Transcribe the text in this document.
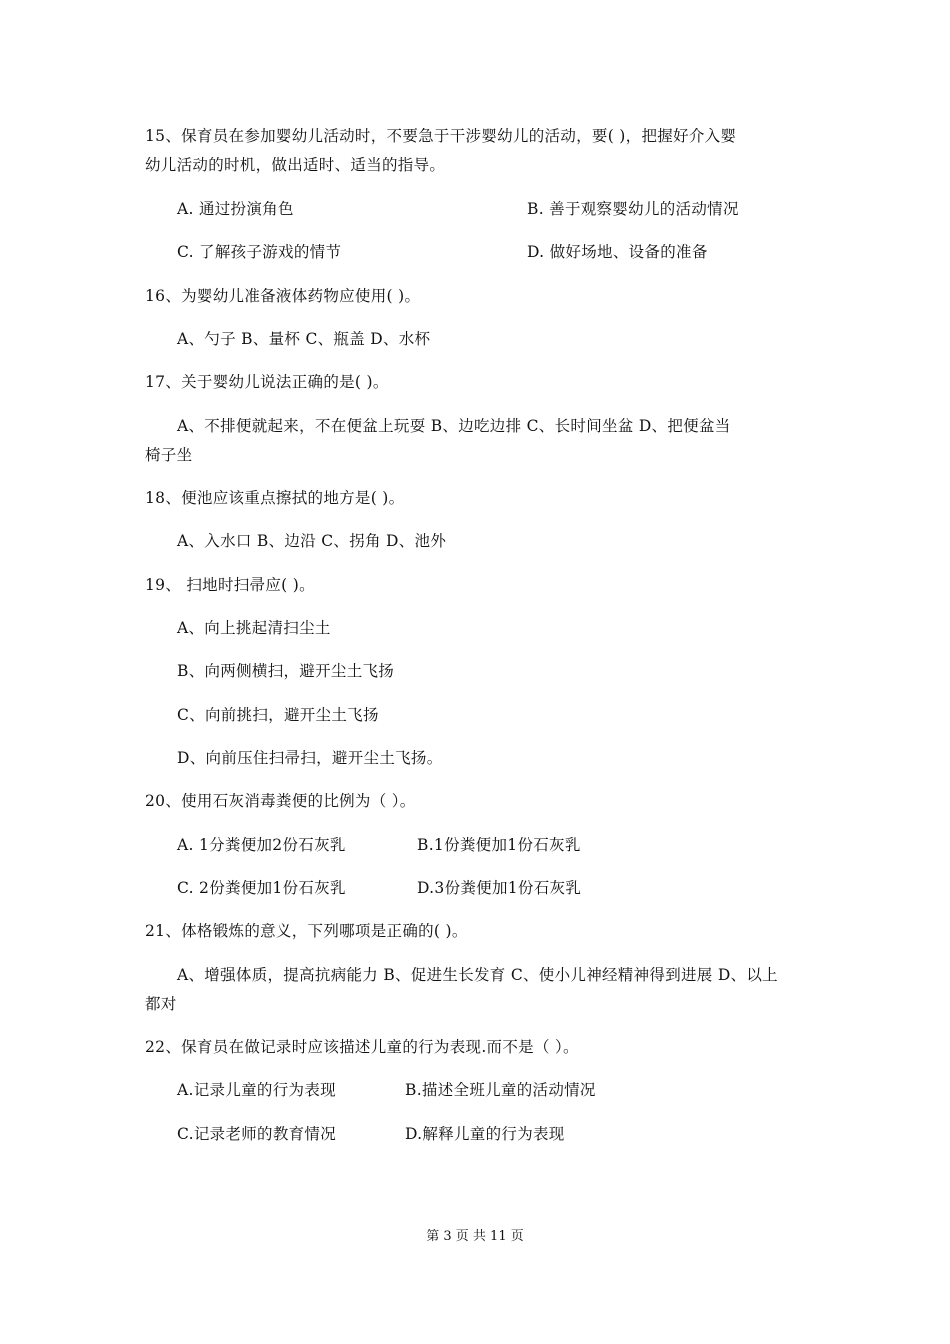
15、保育员在参加婴幼儿活动时，不要急于干涉婴幼儿的活动，要( )，把握好介入婴
幼儿活动的时机，做出适时、适当的指导。
A. 通过扮演角色	B. 善于观察婴幼儿的活动情况
C. 了解孩子游戏的情节	D. 做好场地、设备的准备
16、为婴幼儿准备液体药物应使用( )。
A、勺子 B、量杯 C、瓶盖 D、水杯
17、关于婴幼儿说法正确的是( )。
A、不排便就起来，不在便盆上玩耍 B、边吃边排 C、长时间坐盆 D、把便盆当
椅子坐
18、便池应该重点擦拭的地方是( )。
A、入水口 B、边沿 C、拐角 D、池外
19、 扫地时扫帚应( )。
A、向上挑起清扫尘土
B、向两侧横扫，避开尘土飞扬
C、向前挑扫，避开尘土飞扬
D、向前压住扫帚扫，避开尘土飞扬。
20、使用石灰消毒粪便的比例为（ ）。
A. 1分粪便加2份石灰乳	B.1份粪便加1份石灰乳
C. 2份粪便加1份石灰乳	D.3份粪便加1份石灰乳
21、体格锻炼的意义，下列哪项是正确的( )。
A、增强体质，提高抗病能力 B、促进生长发育 C、使小儿神经精神得到进展 D、以上
都对
22、保育员在做记录时应该描述儿童的行为表现.而不是（ ）。
A.记录儿童的行为表现	B.描述全班儿童的活动情况
C.记录老师的教育情况	D.解释儿童的行为表现
第 3 页 共 11 页
